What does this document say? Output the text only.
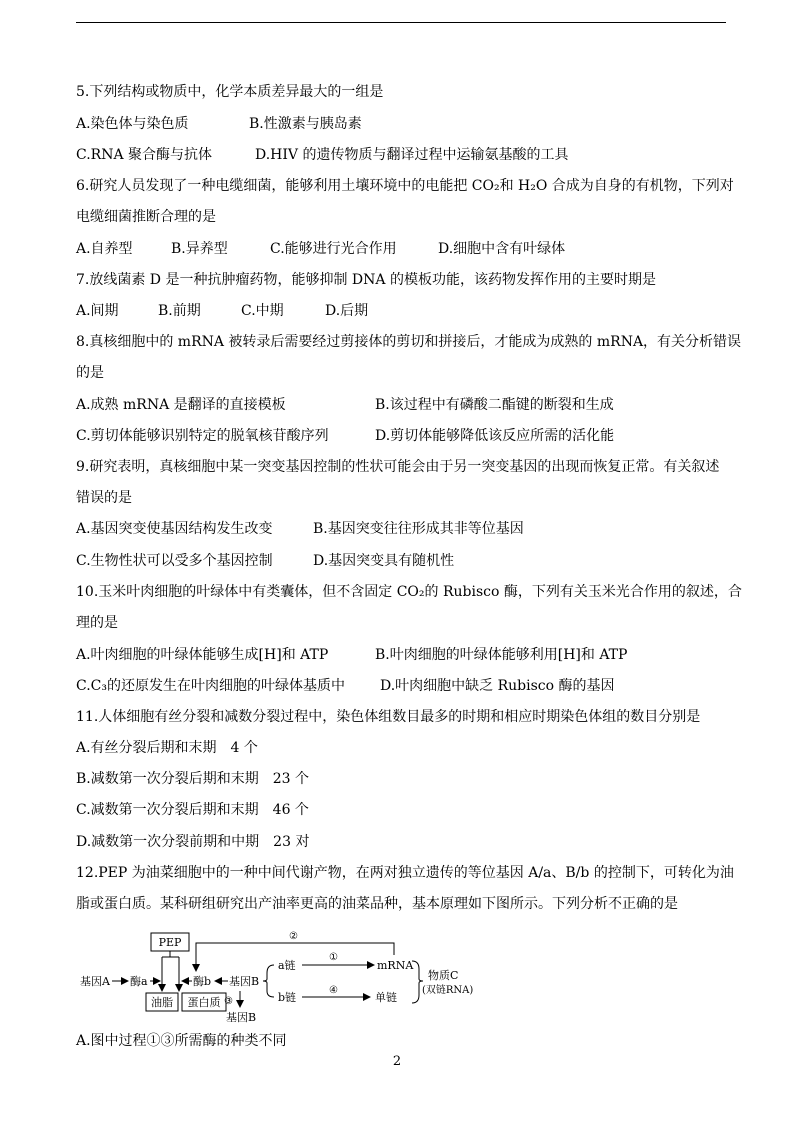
5.下列结构或物质中，化学本质差异最大的一组是
A.染色体与染色质	B.性激素与胰岛素
C.RNA 聚合酶与抗体	D.HIV 的遗传物质与翻译过程中运输氨基酸的工具
6.研究人员发现了一种电缆细菌，能够利用土壤环境中的电能把 CO₂和 H₂O 合成为自身的有机物，下列对
电缆细菌推断合理的是
A.自养型	B.异养型	C.能够进行光合作用	D.细胞中含有叶绿体
7.放线菌素 D 是一种抗肿瘤药物，能够抑制 DNA 的模板功能，该药物发挥作用的主要时期是
A.间期	B.前期	C.中期	D.后期
8.真核细胞中的 mRNA 被转录后需要经过剪接体的剪切和拼接后，才能成为成熟的 mRNA，有关分析错误
的是
A.成熟 mRNA 是翻译的直接模板	B.该过程中有磷酸二酯键的断裂和生成
C.剪切体能够识别特定的脱氧核苷酸序列	D.剪切体能够降低该反应所需的活化能
9.研究表明，真核细胞中某一突变基因控制的性状可能会由于另一突变基因的出现而恢复正常。有关叙述
错误的是
A.基因突变使基因结构发生改变	B.基因突变往往形成其非等位基因
C.生物性状可以受多个基因控制	D.基因突变具有随机性
10.玉米叶肉细胞的叶绿体中有类囊体，但不含固定 CO₂的 Rubisco 酶，下列有关玉米光合作用的叙述，合
理的是
A.叶肉细胞的叶绿体能够生成[H]和 ATP	B.叶肉细胞的叶绿体能够利用[H]和 ATP
C.C₃的还原发生在叶肉细胞的叶绿体基质中	D.叶肉细胞中缺乏 Rubisco 酶的基因
11.人体细胞有丝分裂和减数分裂过程中，染色体组数目最多的时期和相应时期染色体组的数目分别是
A.有丝分裂后期和末期　4 个
B.减数第一次分裂后期和末期　23 个
C.减数第一次分裂后期和末期　46 个
D.减数第一次分裂前期和中期　23 对
12.PEP 为油菜细胞中的一种中间代谢产物，在两对独立遗传的等位基因 A/a、B/b 的控制下，可转化为油
脂或蛋白质。某科研组研究出产油率更高的油菜品种，基本原理如下图所示。下列分析不正确的是
PEP
基因A 酶a	酶b 基因B
油脂 蛋白质 ③
基因B
a链
b链
①
mRNA
④
单链
②
物质C
(双链RNA)
A.图中过程①③所需酶的种类不同
2
